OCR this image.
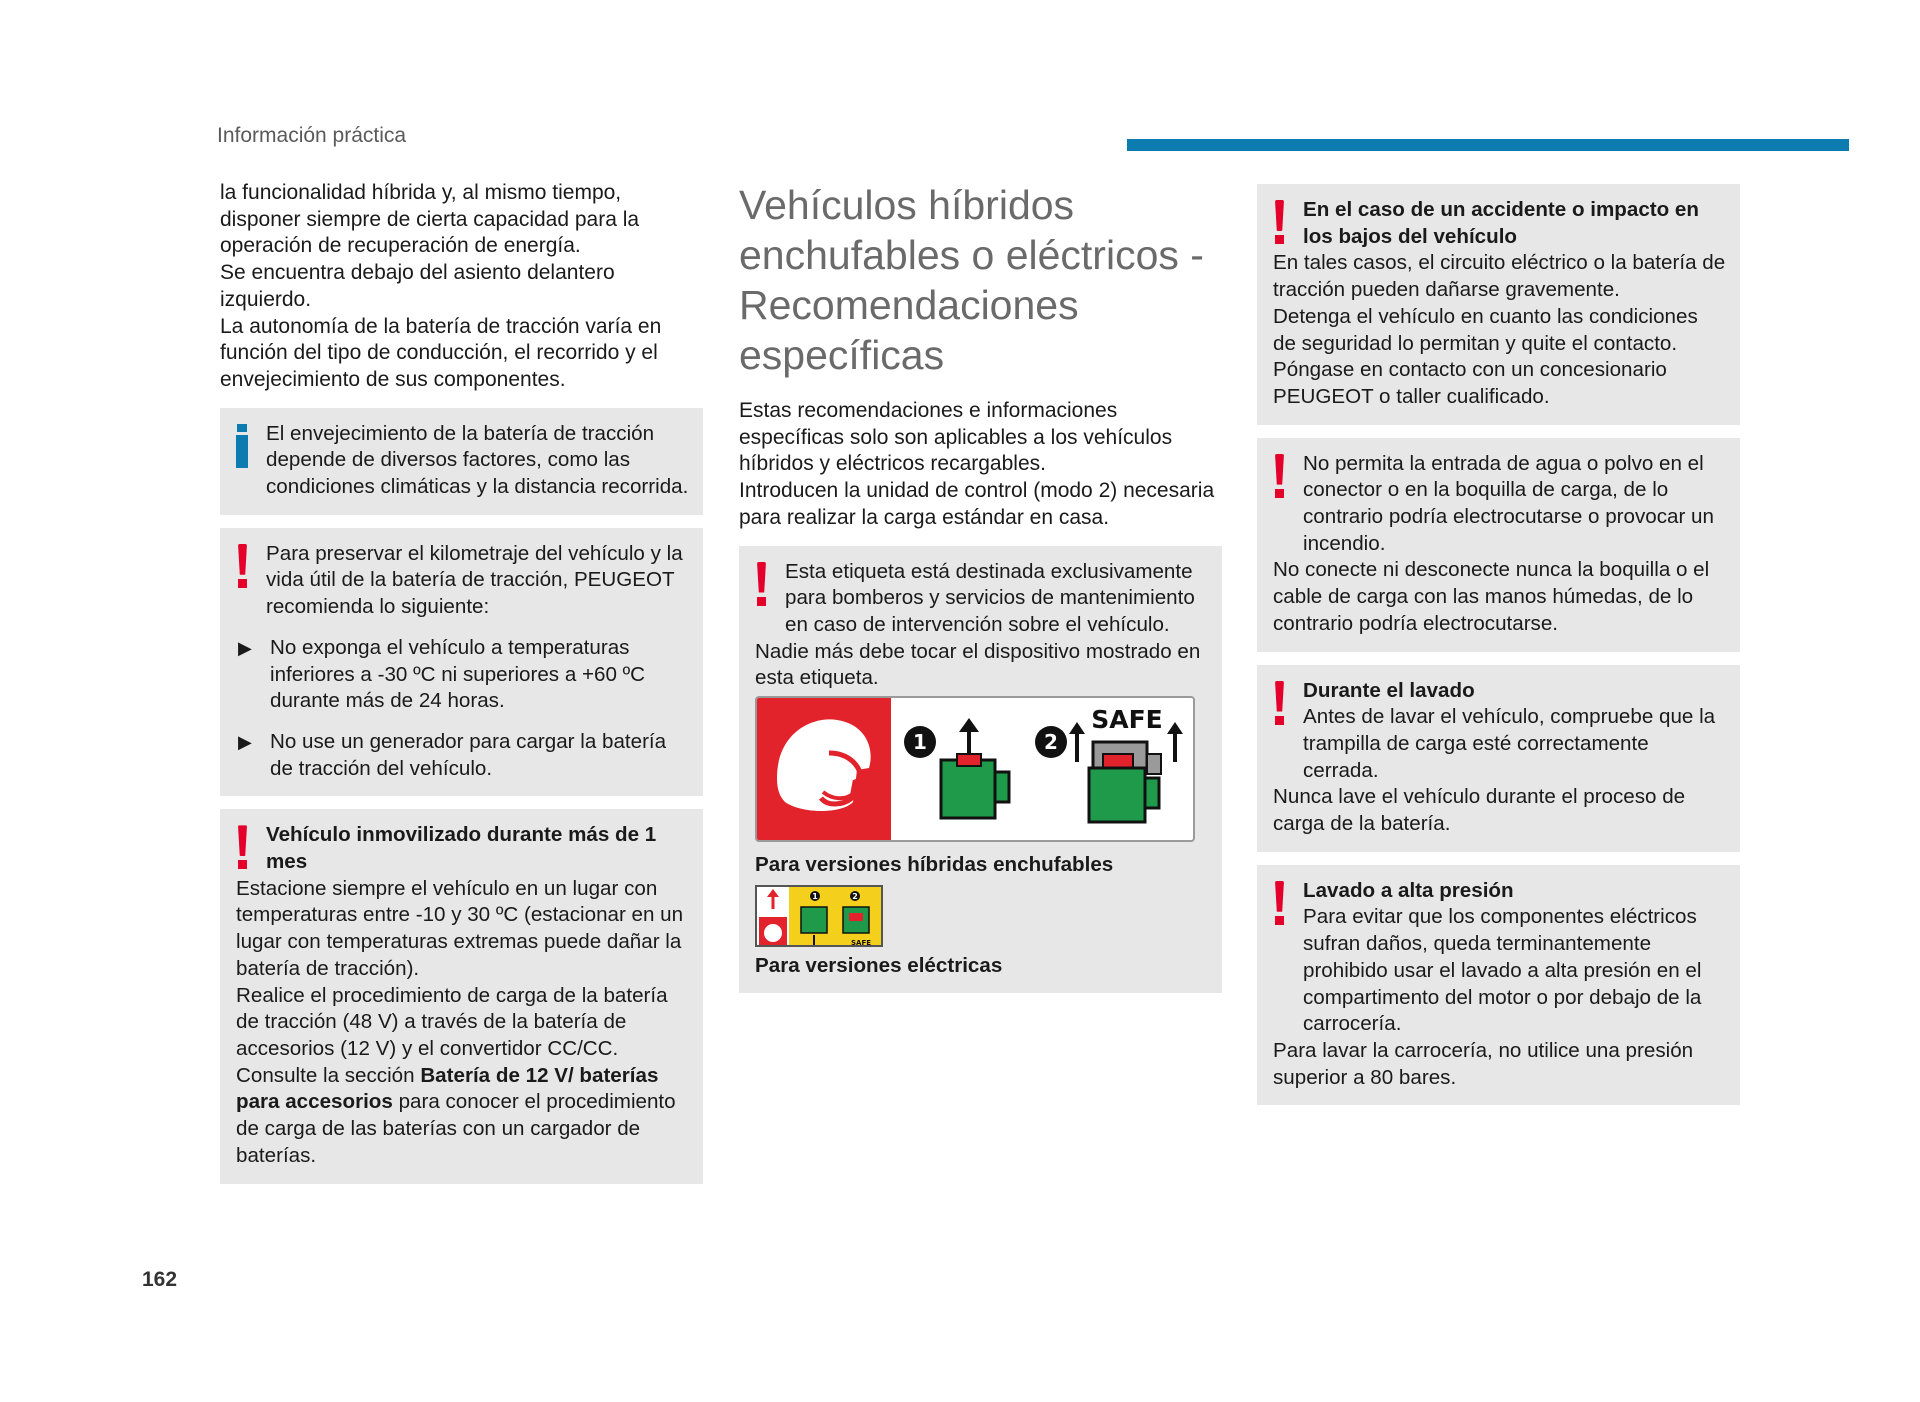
Información práctica

la funcionalidad híbrida y, al mismo tiempo, disponer siempre de cierta capacidad para la operación de recuperación de energía.

Se encuentra debajo del asiento delantero izquierdo.

La autonomía de la batería de tracción varía en función del tipo de conducción, el recorrido y el envejecimiento de sus componentes.

El envejecimiento de la batería de tracción depende de diversos factores, como las condiciones climáticas y la distancia recorrida.

Para preservar el kilometraje del vehículo y la vida útil de la batería de tracción, PEUGEOT recomienda lo siguiente:

▶ No exponga el vehículo a temperaturas inferiores a -30 ºC ni superiores a +60 ºC durante más de 24 horas.
▶ No use un generador para cargar la batería de tracción del vehículo.

Vehículo inmovilizado durante más de 1 mes

Estacione siempre el vehículo en un lugar con temperaturas entre -10 y 30 ºC (estacionar en un lugar con temperaturas extremas puede dañar la batería de tracción).

Realice el procedimiento de carga de la batería de tracción (48 V) a través de la batería de accesorios (12 V) y el convertidor CC/CC.

Consulte la sección Batería de 12 V/ baterías para accesorios para conocer el procedimiento de carga de las baterías con un cargador de baterías.

Vehículos híbridos enchufables o eléctricos - Recomendaciones específicas

Estas recomendaciones e informaciones específicas solo son aplicables a los vehículos híbridos y eléctricos recargables.

Introducen la unidad de control (modo 2) necesaria para realizar la carga estándar en casa.

Esta etiqueta está destinada exclusivamente para bomberos y servicios de mantenimiento en caso de intervención sobre el vehículo.

Nadie más debe tocar el dispositivo mostrado en esta etiqueta.

1	2
SAFE

Para versiones híbridas enchufables

1	2
SAFE

Para versiones eléctricas

En el caso de un accidente o impacto en los bajos del vehículo

En tales casos, el circuito eléctrico o la batería de tracción pueden dañarse gravemente.

Detenga el vehículo en cuanto las condiciones de seguridad lo permitan y quite el contacto.

Póngase en contacto con un concesionario PEUGEOT o taller cualificado.

No permita la entrada de agua o polvo en el conector o en la boquilla de carga, de lo contrario podría electrocutarse o provocar un incendio.

No conecte ni desconecte nunca la boquilla o el cable de carga con las manos húmedas, de lo contrario podría electrocutarse.

Durante el lavado

Antes de lavar el vehículo, compruebe que la trampilla de carga esté correctamente cerrada.

Nunca lave el vehículo durante el proceso de carga de la batería.

Lavado a alta presión

Para evitar que los componentes eléctricos sufran daños, queda terminantemente prohibido usar el lavado a alta presión en el compartimento del motor o por debajo de la carrocería.

Para lavar la carrocería, no utilice una presión superior a 80 bares.

162
